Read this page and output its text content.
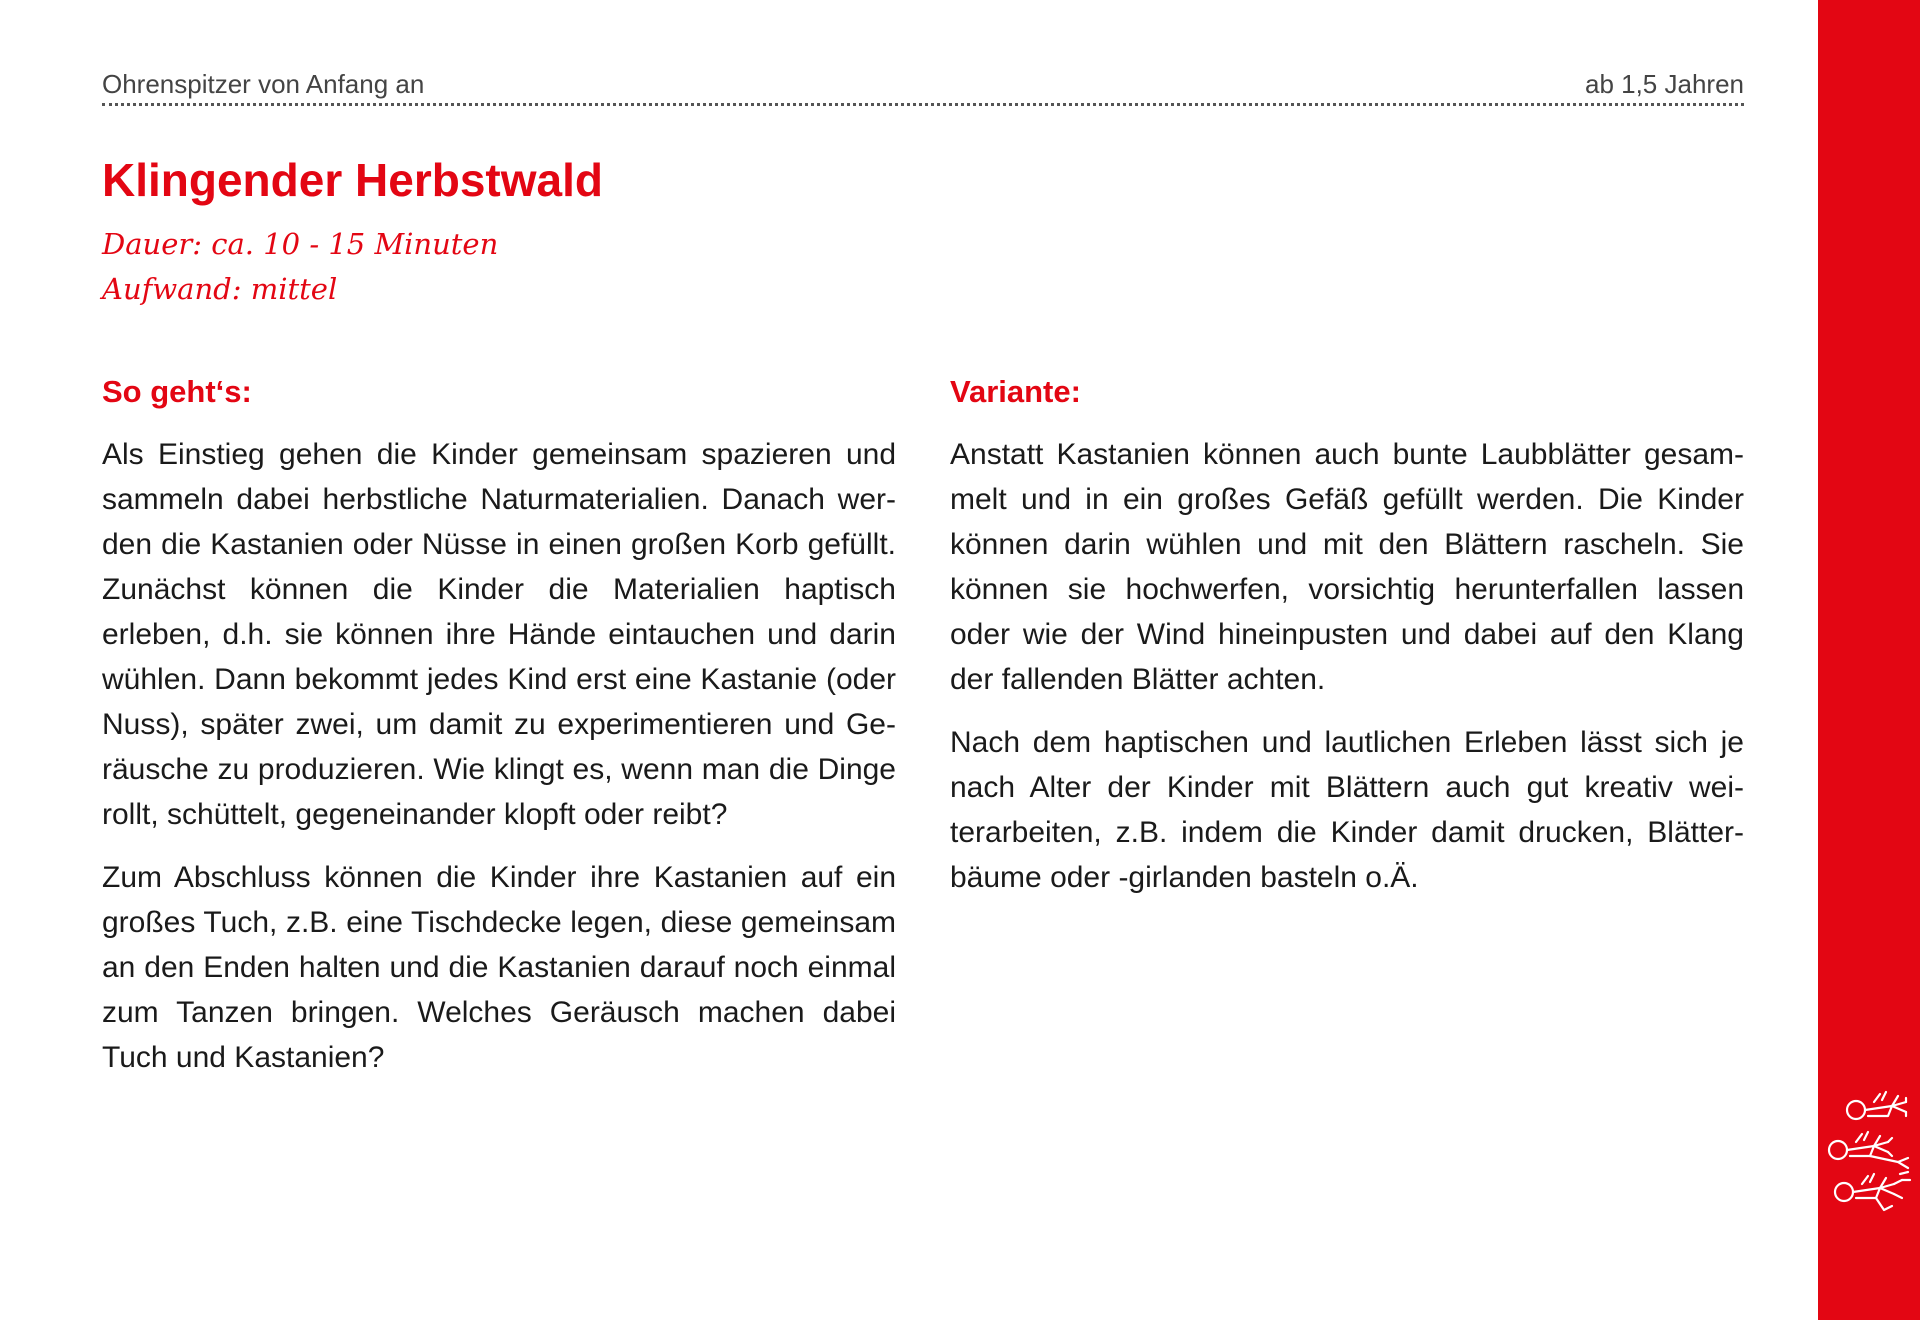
Ohrenspitzer von Anfang an	ab 1,5 Jahren
Klingender Herbstwald
Dauer: ca. 10 - 15 Minuten
Aufwand: mittel
So geht‘s:

Als Einstieg gehen die Kinder gemeinsam spazieren und sammeln dabei herbstliche Naturmaterialien. Danach werden die Kastanien oder Nüsse in einen großen Korb gefüllt. Zunächst können die Kinder die Materialien haptisch erleben, d.h. sie können ihre Hände eintauchen und darin wühlen. Dann bekommt jedes Kind erst eine Kastanie (oder Nuss), später zwei, um damit zu experimentieren und Geräusche zu produzieren. Wie klingt es, wenn man die Dinge rollt, schüttelt, gegeneinander klopft oder reibt?

Zum Abschluss können die Kinder ihre Kastanien auf ein großes Tuch, z.B. eine Tischdecke legen, diese gemeinsam an den Enden halten und die Kastanien darauf noch einmal zum Tanzen bringen. Welches Geräusch machen dabei Tuch und Kastanien?

Variante:

Anstatt Kastanien können auch bunte Laubblätter gesammelt und in ein großes Gefäß gefüllt werden. Die Kinder können darin wühlen und mit den Blättern rascheln. Sie können sie hochwerfen, vorsichtig herunterfallen lassen oder wie der Wind hineinpusten und dabei auf den Klang der fallenden Blätter achten.

Nach dem haptischen und lautlichen Erleben lässt sich je nach Alter der Kinder mit Blättern auch gut kreativ weiterarbeiten, z.B. indem die Kinder damit drucken, Blätterbäume oder -girlanden basteln o.Ä.
